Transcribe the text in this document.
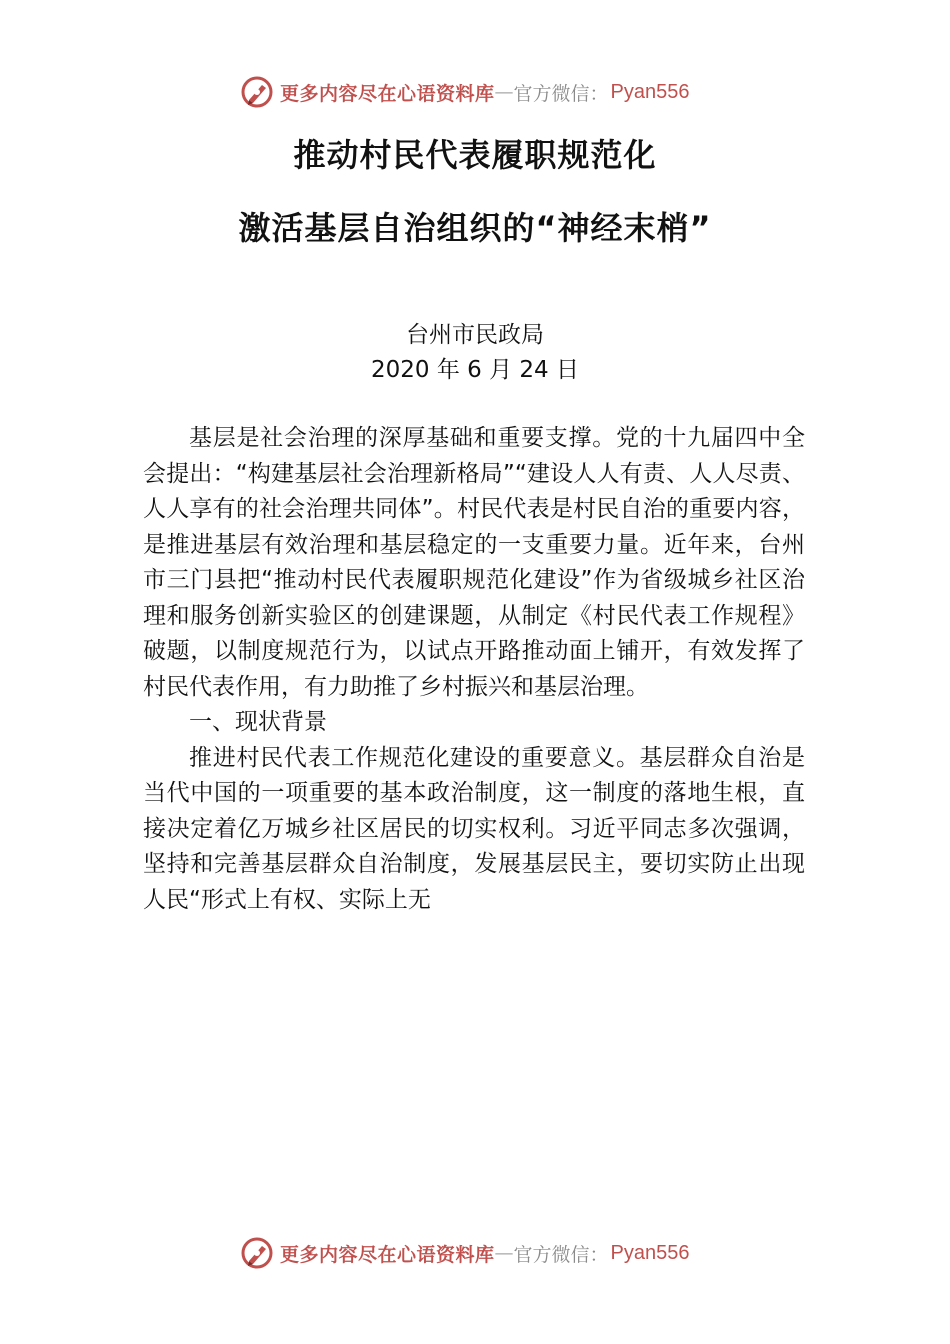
更多内容尽在心语资料库 — 官方微信： Pyan556
推动村民代表履职规范化
激活基层自治组织的“神经末梢”
台州市民政局
2020 年 6 月 24 日

基层是社会治理的深厚基础和重要支撑。党的十九届四中全会提出：“构建基层社会治理新格局”“建设人人有责、人人尽责、人人享有的社会治理共同体”。村民代表是村民自治的重要内容，是推进基层有效治理和基层稳定的一支重要力量。近年来，台州市三门县把“推动村民代表履职规范化建设”作为省级城乡社区治理和服务创新实验区的创建课题，从制定《村民代表工作规程》破题，以制度规范行为，以试点开路推动面上铺开，有效发挥了村民代表作用，有力助推了乡村振兴和基层治理。

一、现状背景

推进村民代表工作规范化建设的重要意义。基层群众自治是当代中国的一项重要的基本政治制度，这一制度的落地生根，直接决定着亿万城乡社区居民的切实权利。习近平同志多次强调，坚持和完善基层群众自治制度，发展基层民主，要切实防止出现人民“形式上有权、实际上无

更多内容尽在心语资料库 — 官方微信： Pyan556
